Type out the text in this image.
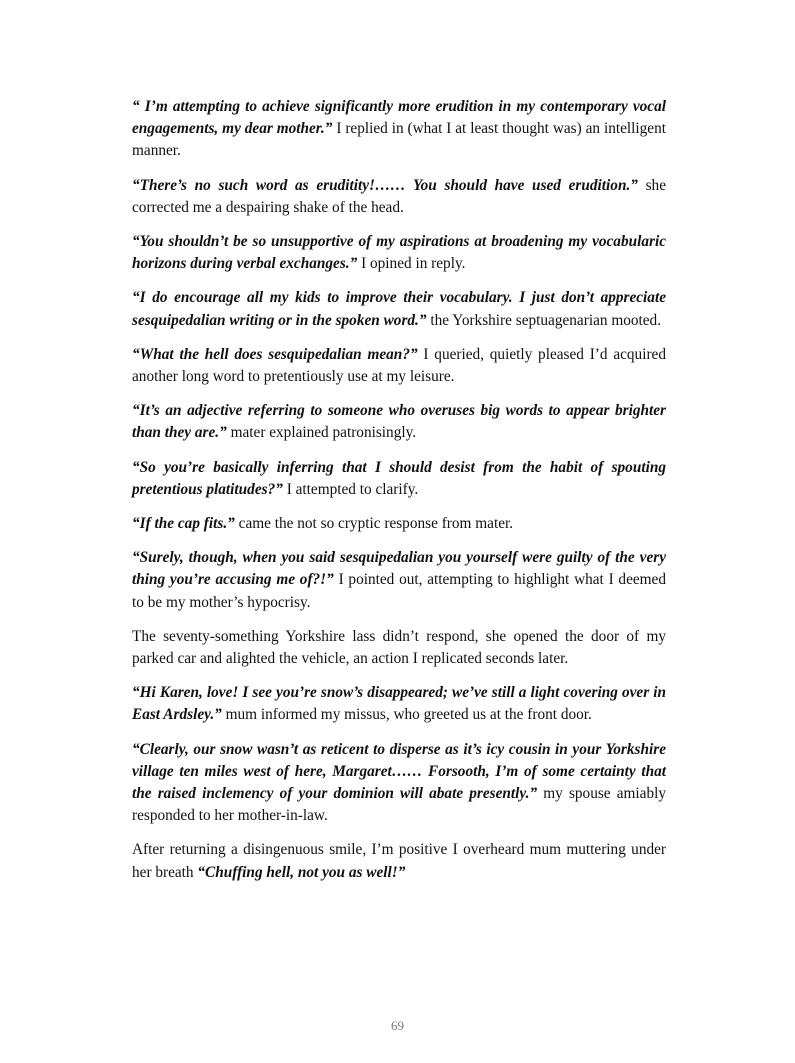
“ I’m attempting to achieve significantly more erudition in my contemporary vocal engagements, my dear mother.” I replied in (what I at least thought was) an intelligent manner.

“There’s no such word as eruditity!…… You should have used erudition.” she corrected me a despairing shake of the head.

“You shouldn’t be so unsupportive of my aspirations at broadening my vocabularic horizons during verbal exchanges.” I opined in reply.

“I do encourage all my kids to improve their vocabulary. I just don’t appreciate sesquipedalian writing or in the spoken word.” the Yorkshire septuagenarian mooted.

“What the hell does sesquipedalian mean?” I queried, quietly pleased I’d acquired another long word to pretentiously use at my leisure.

“It’s an adjective referring to someone who overuses big words to appear brighter than they are.” mater explained patronisingly.

“So you’re basically inferring that I should desist from the habit of spouting pretentious platitudes?” I attempted to clarify.

“If the cap fits.” came the not so cryptic response from mater.

“Surely, though, when you said sesquipedalian you yourself were guilty of the very thing you’re accusing me of?!” I pointed out, attempting to highlight what I deemed to be my mother’s hypocrisy.

The seventy-something Yorkshire lass didn’t respond, she opened the door of my parked car and alighted the vehicle, an action I replicated seconds later.

“Hi Karen, love! I see you’re snow’s disappeared; we’ve still a light covering over in East Ardsley.” mum informed my missus, who greeted us at the front door.

“Clearly, our snow wasn’t as reticent to disperse as it’s icy cousin in your Yorkshire village ten miles west of here, Margaret…… Forsooth, I’m of some certainty that the raised inclemency of your dominion will abate presently.” my spouse amiably responded to her mother-in-law.

After returning a disingenuous smile, I’m positive I overheard mum muttering under her breath “Chuffing hell, not you as well!”

69
